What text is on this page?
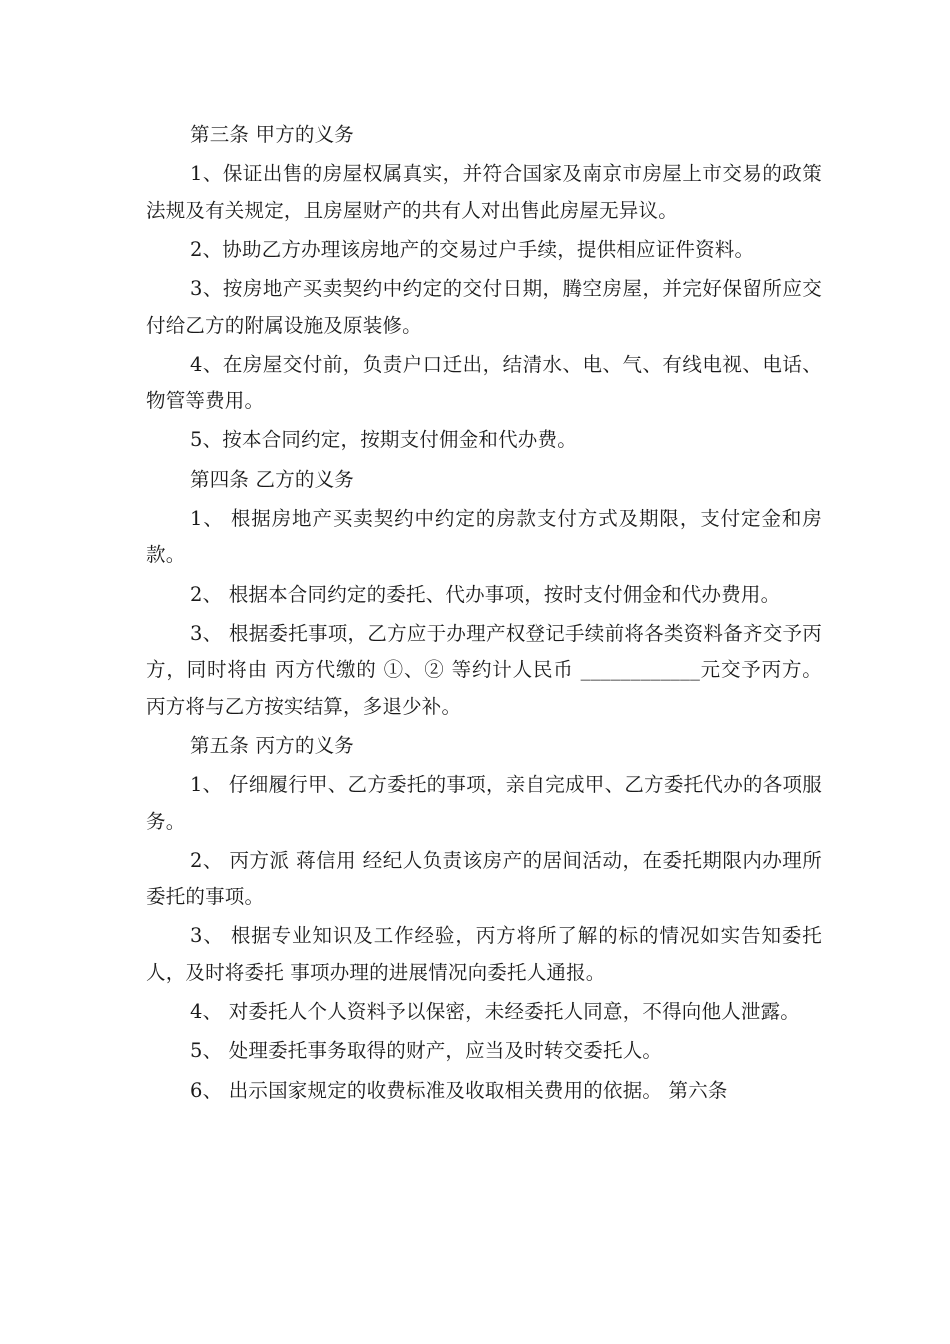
第三条 甲方的义务

1、保证出售的房屋权属真实，并符合国家及南京市房屋上市交易的政策法规及有关规定，且房屋财产的共有人对出售此房屋无异议。

2、协助乙方办理该房地产的交易过户手续，提供相应证件资料。

3、按房地产买卖契约中约定的交付日期，腾空房屋，并完好保留所应交付给乙方的附属设施及原装修。

4、在房屋交付前，负责户口迁出，结清水、电、气、有线电视、电话、物管等费用。

5、按本合同约定，按期支付佣金和代办费。

第四条 乙方的义务

1、 根据房地产买卖契约中约定的房款支付方式及期限，支付定金和房款。

2、 根据本合同约定的委托、代办事项，按时支付佣金和代办费用。

3、 根据委托事项，乙方应于办理产权登记手续前将各类资料备齐交予丙方，同时将由 丙方代缴的 ①、② 等约计人民币 ____________元交予丙方。丙方将与乙方按实结算，多退少补。

第五条 丙方的义务

1、 仔细履行甲、乙方委托的事项，亲自完成甲、乙方委托代办的各项服务。

2、 丙方派 蒋信用 经纪人负责该房产的居间活动，在委托期限内办理所委托的事项。

3、 根据专业知识及工作经验，丙方将所了解的标的情况如实告知委托人，及时将委托 事项办理的进展情况向委托人通报。

4、 对委托人个人资料予以保密，未经委托人同意，不得向他人泄露。

5、 处理委托事务取得的财产，应当及时转交委托人。

6、 出示国家规定的收费标准及收取相关费用的依据。 第六条
